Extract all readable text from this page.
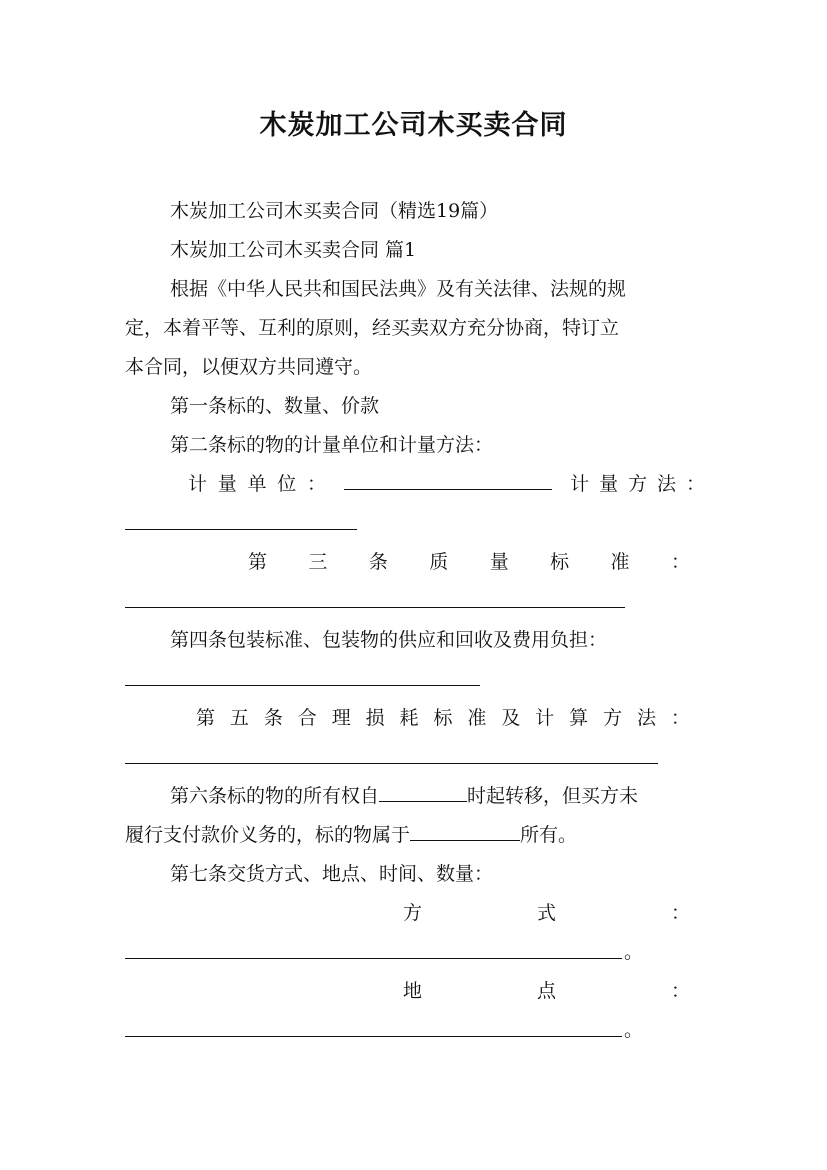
木炭加工公司木买卖合同
木炭加工公司木买卖合同（精选19篇）
木炭加工公司木买卖合同 篇1
根据《中华人民共和国民法典》及有关法律、法规的规
定，本着平等、互利的原则，经买卖双方充分协商，特订立
本合同，以便双方共同遵守。
第一条标的、数量、价款
第二条标的物的计量单位和计量方法：
计 量 单 位 ：
	计 量 方 法 ：
第 三 条 质 量 标 准 ：
第四条包装标准、包装物的供应和回收及费用负担：
第 五 条 合 理 损 耗 标 准 及 计 算 方 法 ：
第六条标的物的所有权自	时起转移，但买方未
履行支付款价义务的，标的物属于	所有。
第七条交货方式、地点、时间、数量：
方	式	：
。
地	点	：
。
